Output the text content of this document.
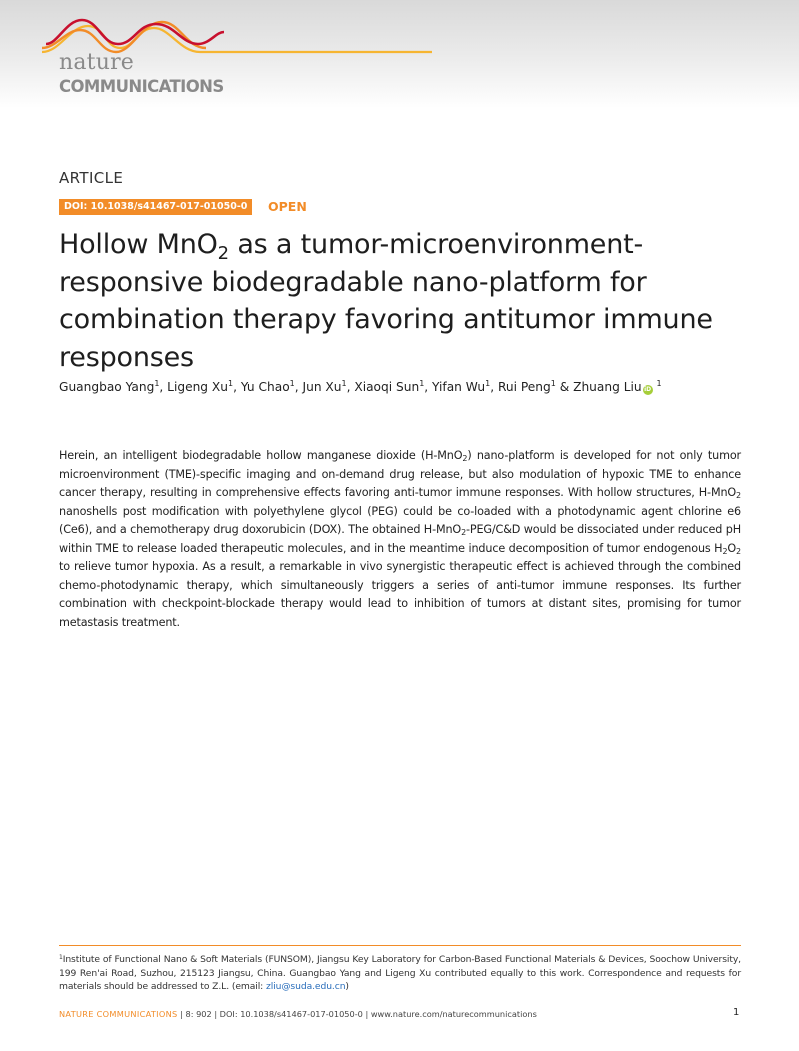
nature
COMMUNICATIONS
ARTICLE
DOI: 10.1038/s41467-017-01050-0	OPEN
Hollow MnO$_2$ as a tumor-microenvironment-responsive biodegradable nano-platform for combination therapy favoring antitumor immune responses
Guangbao Yang$^1$, Ligeng Xu$^1$, Yu Chao$^1$, Jun Xu$^1$, Xiaoqi Sun$^1$, Yifan Wu$^1$, Rui Peng$^1$ & Zhuang Liu iD $^1$

Herein, an intelligent biodegradable hollow manganese dioxide (H-MnO$_2$) nano-platform is developed for not only tumor microenvironment (TME)-specific imaging and on-demand drug release, but also modulation of hypoxic TME to enhance cancer therapy, resulting in comprehensive effects favoring anti-tumor immune responses. With hollow structures, H-MnO$_2$ nanoshells post modification with polyethylene glycol (PEG) could be co-loaded with a photodynamic agent chlorine e6 (Ce6), and a chemotherapy drug doxorubicin (DOX). The obtained H-MnO$_2$-PEG/C&D would be dissociated under reduced pH within TME to release loaded therapeutic molecules, and in the meantime induce decomposition of tumor endogenous $H_2O_2$ to relieve tumor hypoxia. As a result, a remarkable in vivo synergistic therapeutic effect is achieved through the combined chemo-photodynamic therapy, which simultaneously triggers a series of anti-tumor immune responses. Its further combination with checkpoint-blockade therapy would lead to inhibition of tumors at distant sites, promising for tumor metastasis treatment.

$^1$Institute of Functional Nano & Soft Materials (FUNSOM), Jiangsu Key Laboratory for Carbon-Based Functional Materials & Devices, Soochow University, 199 Ren'ai Road, Suzhou, 215123 Jiangsu, China. Guangbao Yang and Ligeng Xu contributed equally to this work. Correspondence and requests for materials should be addressed to Z.L. (email: zliu@suda.edu.cn)

NATURE COMMUNICATIONS | 8: 902 | DOI: 10.1038/s41467-017-01050-0 | www.nature.com/naturecommunications	1
